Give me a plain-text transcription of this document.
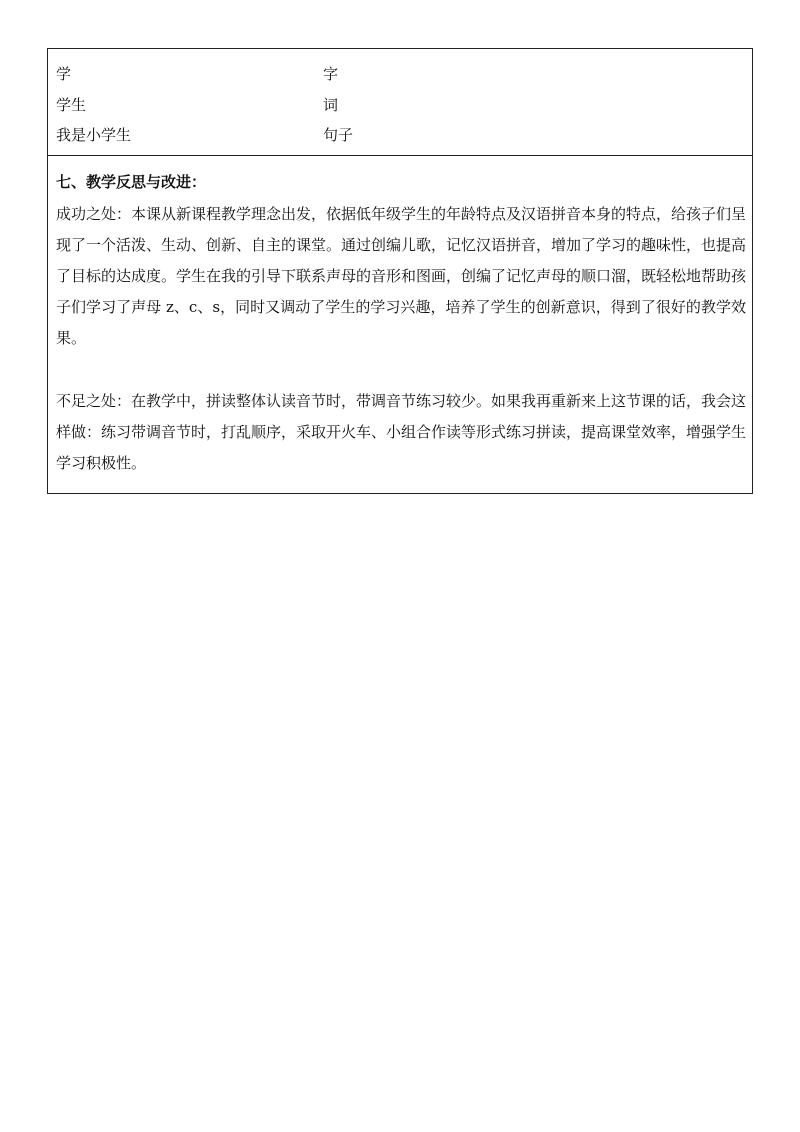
学	字
学生	词
我是小学生	句子
七、教学反思与改进：
成功之处：本课从新课程教学理念出发，依据低年级学生的年龄特点及汉语拼音本身的特点，给孩子们呈现了一个活泼、生动、创新、自主的课堂。通过创编儿歌，记忆汉语拼音，增加了学习的趣味性，也提高了目标的达成度。学生在我的引导下联系声母的音形和图画，创编了记忆声母的顺口溜，既轻松地帮助孩子们学习了声母 z、c、s，同时又调动了学生的学习兴趣，培养了学生的创新意识，得到了很好的教学效果。
不足之处：在教学中，拼读整体认读音节时，带调音节练习较少。如果我再重新来上这节课的话，我会这样做：练习带调音节时，打乱顺序，采取开火车、小组合作读等形式练习拼读，提高课堂效率，增强学生学习积极性。
